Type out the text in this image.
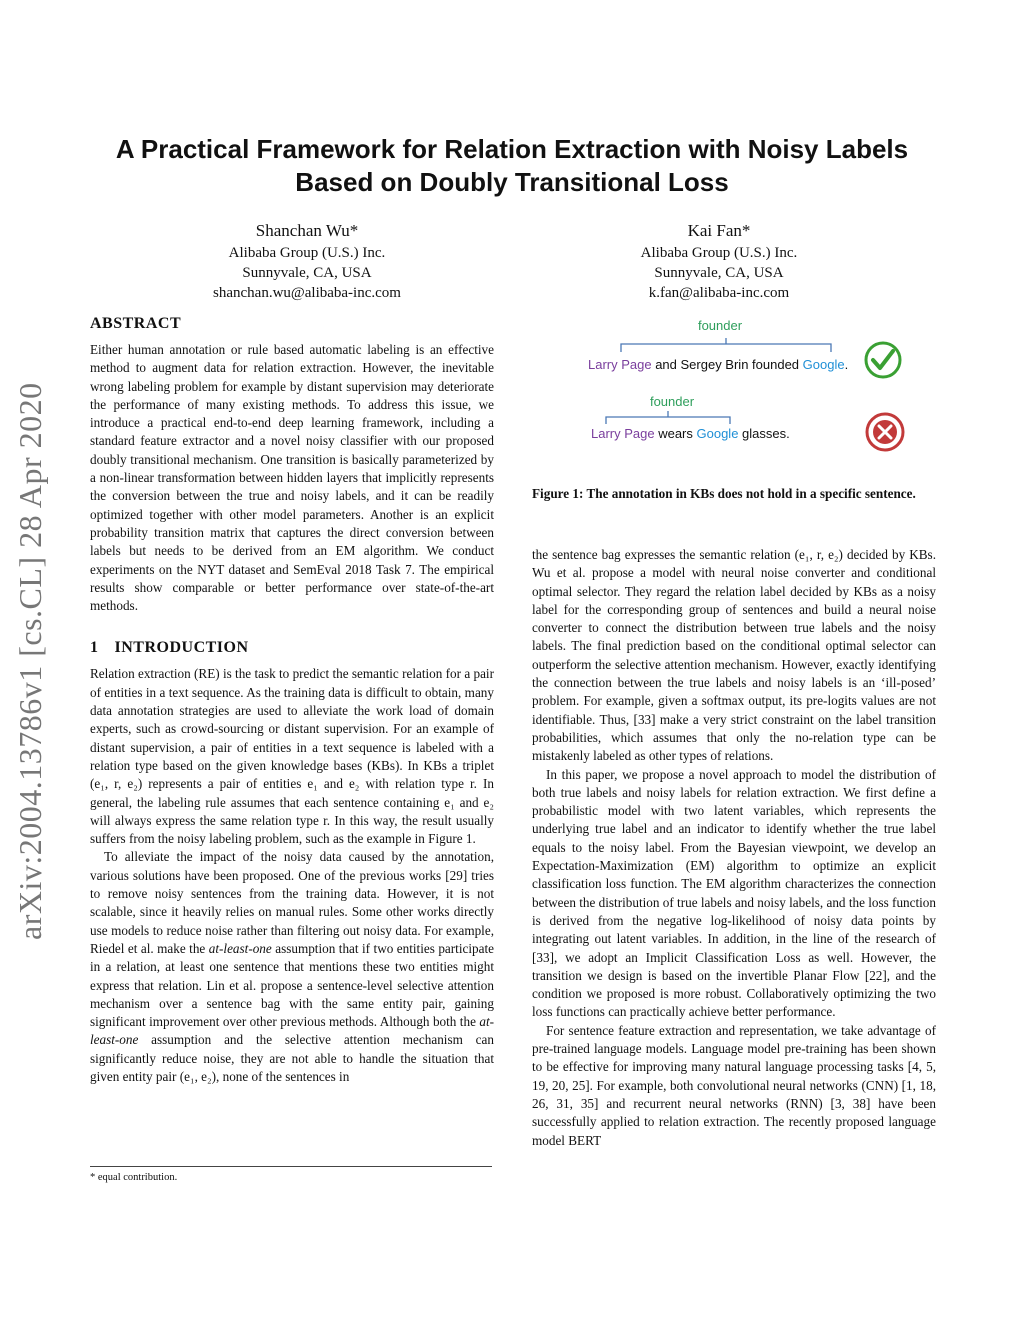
A Practical Framework for Relation Extraction with Noisy Labels
Based on Doubly Transitional Loss
Shanchan Wu*
Alibaba Group (U.S.) Inc.
Sunnyvale, CA, USA
shanchan.wu@alibaba-inc.com
Kai Fan*
Alibaba Group (U.S.) Inc.
Sunnyvale, CA, USA
k.fan@alibaba-inc.com
arXiv:2004.13786v1 [cs.CL] 28 Apr 2020
ABSTRACT

Either human annotation or rule based automatic labeling is an effective method to augment data for relation extraction. However, the inevitable wrong labeling problem for example by distant supervision may deteriorate the performance of many existing methods. To address this issue, we introduce a practical end-to-end deep learning framework, including a standard feature extractor and a novel noisy classifier with our proposed doubly transitional mechanism. One transition is basically parameterized by a non-linear transformation between hidden layers that implicitly represents the conversion between the true and noisy labels, and it can be readily optimized together with other model parameters. Another is an explicit probability transition matrix that captures the direct conversion between labels but needs to be derived from an EM algorithm. We conduct experiments on the NYT dataset and SemEval 2018 Task 7. The empirical results show comparable or better performance over state-of-the-art methods.

1 INTRODUCTION

Relation extraction (RE) is the task to predict the semantic relation for a pair of entities in a text sequence. As the training data is difficult to obtain, many data annotation strategies are used to alleviate the work load of domain experts, such as crowd-sourcing or distant supervision. For an example of distant supervision, a pair of entities in a text sequence is labeled with a relation type based on the given knowledge bases (KBs). In KBs a triplet (e₁, r, e₂) represents a pair of entities e₁ and e₂ with relation type r. In general, the labeling rule assumes that each sentence containing e₁ and e₂ will always express the same relation type r. In this way, the result usually suffers from the noisy labeling problem, such as the example in Figure 1.

To alleviate the impact of the noisy data caused by the annotation, various solutions have been proposed. One of the previous works [29] tries to remove noisy sentences from the training data. However, it is not scalable, since it heavily relies on manual rules. Some other works directly use models to reduce noise rather than filtering out noisy data. For example, Riedel et al. make the at-least-one assumption that if two entities participate in a relation, at least one sentence that mentions these two entities might express that relation. Lin et al. propose a sentence-level selective attention mechanism over a sentence bag with the same entity pair, gaining significant improvement over other previous methods. Although both the at-least-one assumption and the selective attention mechanism can significantly reduce noise, they are not able to handle the situation that given entity pair (e₁, e₂), none of the sentences in

founder
Larry Page and Sergey Brin founded Google.
founder
Larry Page wears Google glasses.
Figure 1: The annotation in KBs does not hold in a specific sentence.

the sentence bag expresses the semantic relation (e₁, r, e₂) decided by KBs. Wu et al. propose a model with neural noise converter and conditional optimal selector. They regard the relation label decided by KBs as a noisy label for the corresponding group of sentences and build a neural noise converter to connect the distribution between true labels and the noisy labels. The final prediction based on the conditional optimal selector can outperform the selective attention mechanism. However, exactly identifying the connection between the true labels and noisy labels is an ‘ill-posed’ problem. For example, given a softmax output, its pre-logits values are not identifiable. Thus, [33] make a very strict constraint on the label transition probabilities, which assumes that only the no-relation type can be mistakenly labeled as other types of relations.

In this paper, we propose a novel approach to model the distribution of both true labels and noisy labels for relation extraction. We first define a probabilistic model with two latent variables, which represents the underlying true label and an indicator to identify whether the true label equals to the noisy label. From the Bayesian viewpoint, we develop an Expectation-Maximization (EM) algorithm to optimize an explicit classification loss function. The EM algorithm characterizes the connection between the distribution of true labels and noisy labels, and the loss function is derived from the negative log-likelihood of noisy data points by integrating out latent variables. In addition, in the line of the research of [33], we adopt an Implicit Classification Loss as well. However, the transition we design is based on the invertible Planar Flow [22], and the condition we proposed is more robust. Collaboratively optimizing the two loss functions can practically achieve better performance.

For sentence feature extraction and representation, we take advantage of pre-trained language models. Language model pre-training has been shown to be effective for improving many natural language processing tasks [4, 5, 19, 20, 25]. For example, both convolutional neural networks (CNN) [1, 18, 26, 31, 35] and recurrent neural networks (RNN) [3, 38] have been successfully applied to relation extraction. The recently proposed language model BERT

* equal contribution.
